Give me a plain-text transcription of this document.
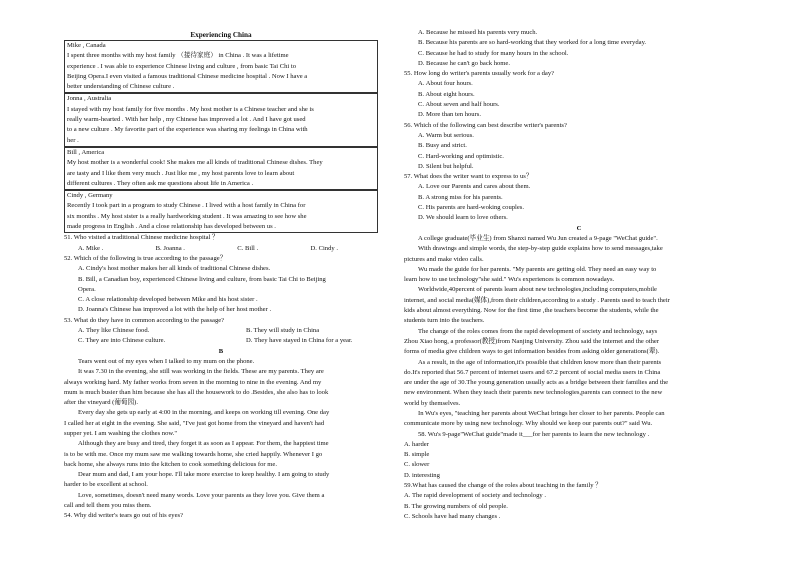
Experiencing China
Mike , Canada
I spent three months with my host family （接待家庭） in China . It was a lifetime
experience . I was able to experience Chinese living and culture , from basic Tai Chi to
Beijing Opera.I even visited a famous traditional Chinese medicine hospital . Now I have a
better understanding of Chinese culture .
Jonna , Australia
I stayed with my host family for five months . My host mother is a Chinese teacher and she is
really warm-hearted . With her help , my Chinese has improved a lot . And I have got used
to a new culture . My favorite part of the experience was sharing my feelings in China with
her .
Bill , America
My host mother is a wonderful cook! She makes me all kinds of traditional Chinese dishes. They
are tasty and I like them very much . Just like me , my host parents love to learn about
different cultures . They often ask me questions about life in America .
Cindy , Germany
Recently I took part in a program to study Chinese . I lived with a host family in China for
six months . My host sister is a really hardworking student . It was amazing to see how she
made progress in English . And a close relationship has developed between us .
51. Who visited a traditional Chinese medicine hospital ？
A. Mike .	B. Joanna .	C. Bill .	D. Cindy .
52. Which of the following is true according to the passage？
A. Cindy's host mother makes her all kinds of traditional Chinese dishes.
B. Bill, a Canadian boy, experienced Chinese living and culture, from basic Tai Chi to Beijing
Opera.
C. A close relationship developed between Mike and his host sister .
D. Joanna's Chinese has improved a lot with the help of her host mother .
53. What do they have in common according to the passage?
A. They like Chinese food.	B. They will study in China
C. They are into Chinese culture.	D. They have stayed in China for a year.
B
Tears went out of my eyes when I talked to my mum on the phone.
It was 7.30 in the evening, she still was working in the fields. These are my parents. They are
always working hard. My father works from seven in the morning to nine in the evening. And my
mum is much busier than him because she has all the housework to do .Besides, she also has to look
after the vineyard (葡萄园).
Every day she gets up early at 4:00 in the morning, and keeps on working till evening. One day
I called her at eight in the evening. She said, "I've just got home from the vineyard and haven't had
supper yet. I am washing the clothes now."
Although they are busy and tired, they forget it as soon as I appear. For them, the happiest time
is to be with me. Once my mum saw me walking towards home, she cried happily. Whenever I go
back home, she always runs into the kitchen to cook something delicious for me.
Dear mum and dad, I am your hope. I'll take more exercise to keep healthy. I am going to study
harder to be excellent at school.
Love, sometimes, doesn't need many words. Love your parents as they love you. Give them a
call and tell them you miss them.
54. Why did writer's tears go out of his eyes?
A. Because he missed his parents very much.
B. Because his parents are so hard-working that they worked for a long time everyday.
C. Because he had to study for many hours in the school.
D. Because he can't go back home.
55. How long do writer's parents usually work for a day?
A. About four hours.
B. About eight hours.
C. About seven and half hours.
D. More than ten hours.
56. Which of the following can best describe writer's parents?
A. Warm but serious.
B. Busy and strict.
C. Hard-working and optimistic.
D. Silent but helpful.
57. What does the writer want to express to us？
A. Love our Parents and cares about them.
B. A strong miss for his parents.
C. His parents are hard-woking couples.
D. We should learn to love others.
C
A college graduate(毕业生) from Shanxi named Wu Jun created a 9-page "WeChat guide".
With drawings and simple words, the step-by-step guide explains how to send messages,take
pictures and make video calls.
Wu made the guide for her parents. "My parents are getting old. They need an easy way to
learn how to use technology"she said." Wu's experiences is common nowadays.
Worldwide,40percent of parents learn about new technologies,including computers,mobile
internet, and social media(媒体),from their children,according to a study . Parents used to teach their
kids about almost everything. Now for the first time ,the teachers become the students, while the
students turn into the teachers.
The change of the roles comes from the rapid development of society and technology, says
Zhou Xiao hong, a professor(教授)from Nanjing University. Zhou said the internet and the other
forms of media give children ways to get information besides from asking older generations(辈).
As a result, in the age of information,it's possible that children know more than their parents
do.It's reported that 56.7 percent of internet users and 67.2 percent of social media users in China
are under the age of 30.The young generation usually acts as a bridge between their families and the
new environment. When they teach their parents new technologies,parents can connect to the new
world by themselves.
In Wu's eyes, "teaching her parents about WeChat brings her closer to her parents. People can
communicate more by using new technology. Why should we keep our parents out?" said Wu.
58. Wu's 9-page"WeChat guide"made it___for her parents to learn the new technology .
A. harder
B. simple
C. slower
D. interesting
59.What has caused the change of the roles about teaching in the family ？
A. The rapid development of society and technology .
B. The growing numbers of old people.
C. Schools have had many changes .
